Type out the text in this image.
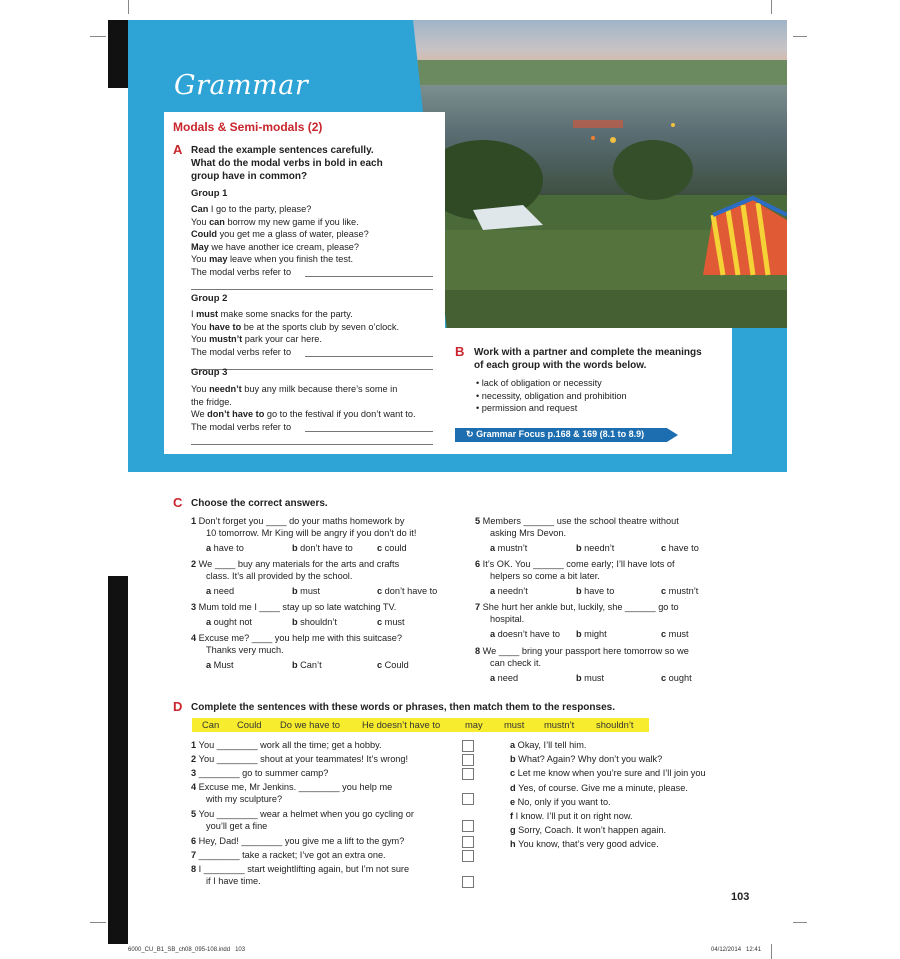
Grammar
Modals & Semi-modals (2)
A Read the example sentences carefully.
What do the modal verbs in bold in each
group have in common?
Group 1
Can I go to the party, please?
You can borrow my new game if you like.
Could you get me a glass of water, please?
May we have another ice cream, please?
You may leave when you finish the test.
The modal verbs refer to
Group 2
I must make some snacks for the party.
You have to be at the sports club by seven o’clock.
You mustn’t park your car here.
The modal verbs refer to
Group 3
You needn’t buy any milk because there’s some in
the fridge.
We don’t have to go to the festival if you don’t want to.
The modal verbs refer to
B Work with a partner and complete the meanings
of each group with the words below.
• lack of obligation or necessity
• necessity, obligation and prohibition
• permission and request
↻ Grammar Focus p.168 & 169 (8.1 to 8.9)
C Choose the correct answers.
1 Don’t forget you ____ do your maths homework by
10 tomorrow. Mr King will be angry if you don’t do it!
a have to	b don’t have to	c could
2 We ____ buy any materials for the arts and crafts
class. It’s all provided by the school.
a need	b must	c don’t have to
3 Mum told me I ____ stay up so late watching TV.
a ought not	b shouldn’t	c must
4 Excuse me? ____ you help me with this suitcase?
Thanks very much.
a Must	b Can’t	c Could
5 Members ______ use the school theatre without
asking Mrs Devon.
a mustn’t	b needn’t	c have to
6 It’s OK. You ______ come early; I’ll have lots of
helpers so come a bit later.
a needn’t	b have to	c mustn’t
7 She hurt her ankle but, luckily, she ______ go to
hospital.
a doesn’t have to b might	c must
8 We ____ bring your passport here tomorrow so we
can check it.
a need	b must	c ought
D Complete the sentences with these words or phrases, then match them to the responses.
Can Could Do we have to He doesn’t have to	may must mustn’t shouldn’t
1 You ________ work all the time; get a hobby.
2 You ________ shout at your teammates! It’s wrong!
3 ________ go to summer camp?
4 Excuse me, Mr Jenkins. ________ you help me
with my sculpture?
5 You ________ wear a helmet when you go cycling or
you’ll get a fine
6 Hey, Dad! ________ you give me a lift to the gym?
7 ________ take a racket; I’ve got an extra one.
8 I ________ start weightlifting again, but I’m not sure
if I have time.
a Okay, I’ll tell him.
b What? Again? Why don’t you walk?
c Let me know when you’re sure and I’ll join you
d Yes, of course. Give me a minute, please.
e No, only if you want to.
f I know. I’ll put it on right now.
g Sorry, Coach. It won’t happen again.
h You know, that’s very good advice.
103
6000_CU_B1_SB_ch08_095-108.indd   103	04/12/2014   12:41
